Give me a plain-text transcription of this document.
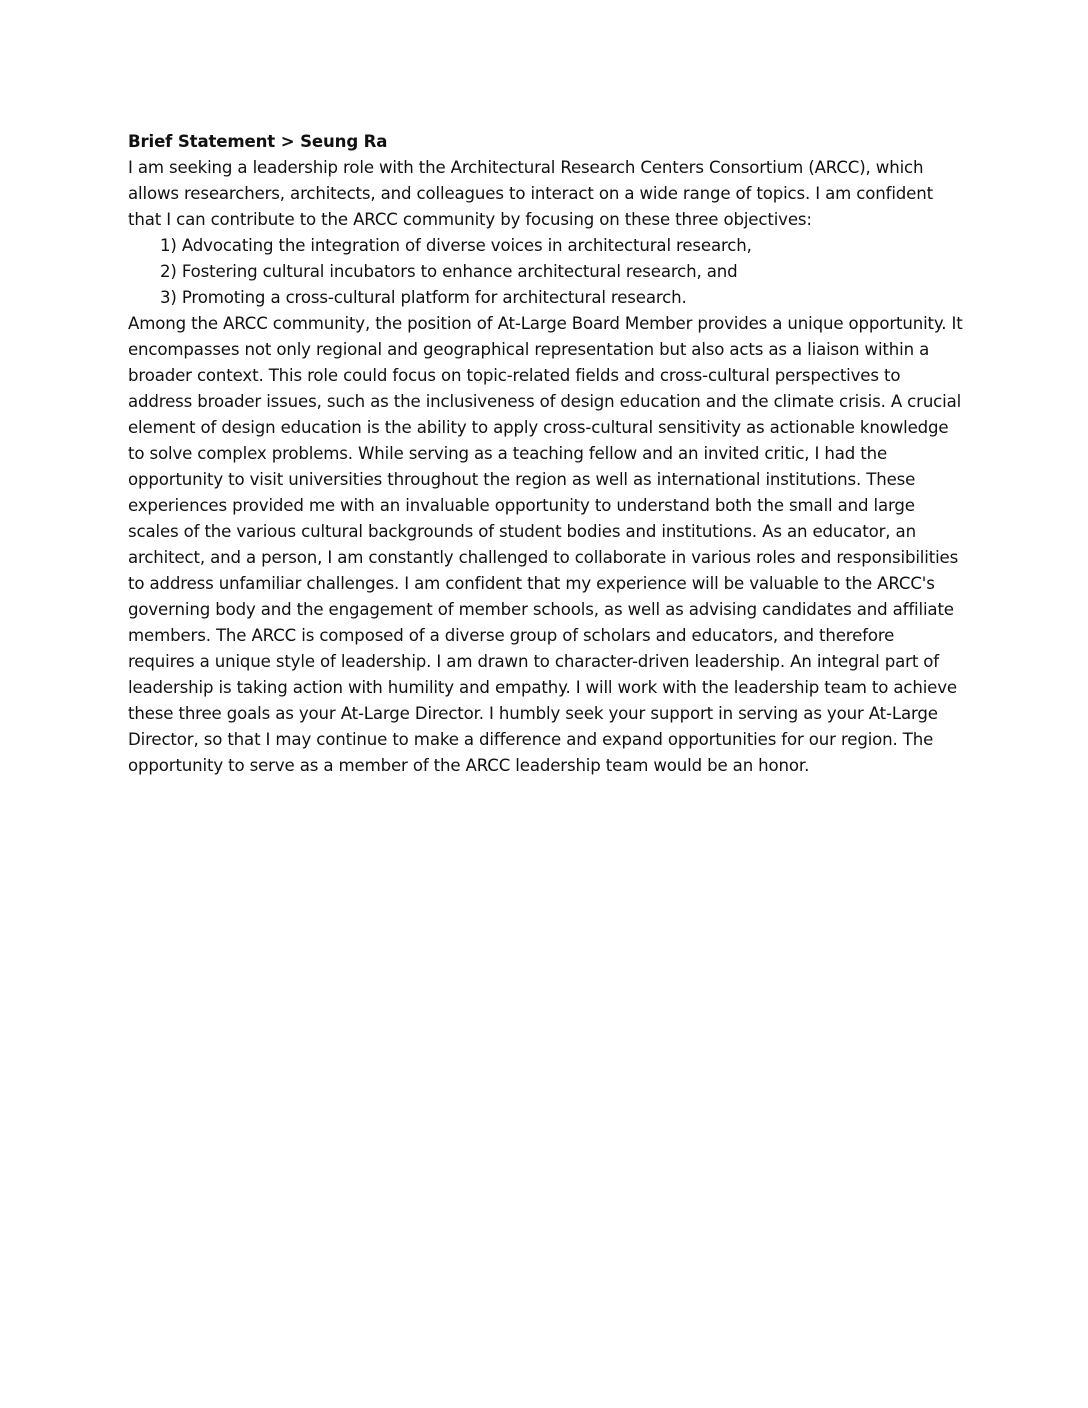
Brief Statement > Seung Ra

I am seeking a leadership role with the Architectural Research Centers Consortium (ARCC), which allows researchers, architects, and colleagues to interact on a wide range of topics. I am confident that I can contribute to the ARCC community by focusing on these three objectives:

1) Advocating the integration of diverse voices in architectural research,
2) Fostering cultural incubators to enhance architectural research, and
3) Promoting a cross-cultural platform for architectural research.

Among the ARCC community, the position of At-Large Board Member provides a unique opportunity. It encompasses not only regional and geographical representation but also acts as a liaison within a broader context. This role could focus on topic-related fields and cross-cultural perspectives to address broader issues, such as the inclusiveness of design education and the climate crisis. A crucial element of design education is the ability to apply cross-cultural sensitivity as actionable knowledge to solve complex problems. While serving as a teaching fellow and an invited critic, I had the opportunity to visit universities throughout the region as well as international institutions. These experiences provided me with an invaluable opportunity to understand both the small and large scales of the various cultural backgrounds of student bodies and institutions. As an educator, an architect, and a person, I am constantly challenged to collaborate in various roles and responsibilities to address unfamiliar challenges. I am confident that my experience will be valuable to the ARCC's governing body and the engagement of member schools, as well as advising candidates and affiliate members. The ARCC is composed of a diverse group of scholars and educators, and therefore requires a unique style of leadership. I am drawn to character-driven leadership. An integral part of leadership is taking action with humility and empathy. I will work with the leadership team to achieve these three goals as your At-Large Director. I humbly seek your support in serving as your At-Large Director, so that I may continue to make a difference and expand opportunities for our region. The opportunity to serve as a member of the ARCC leadership team would be an honor.
